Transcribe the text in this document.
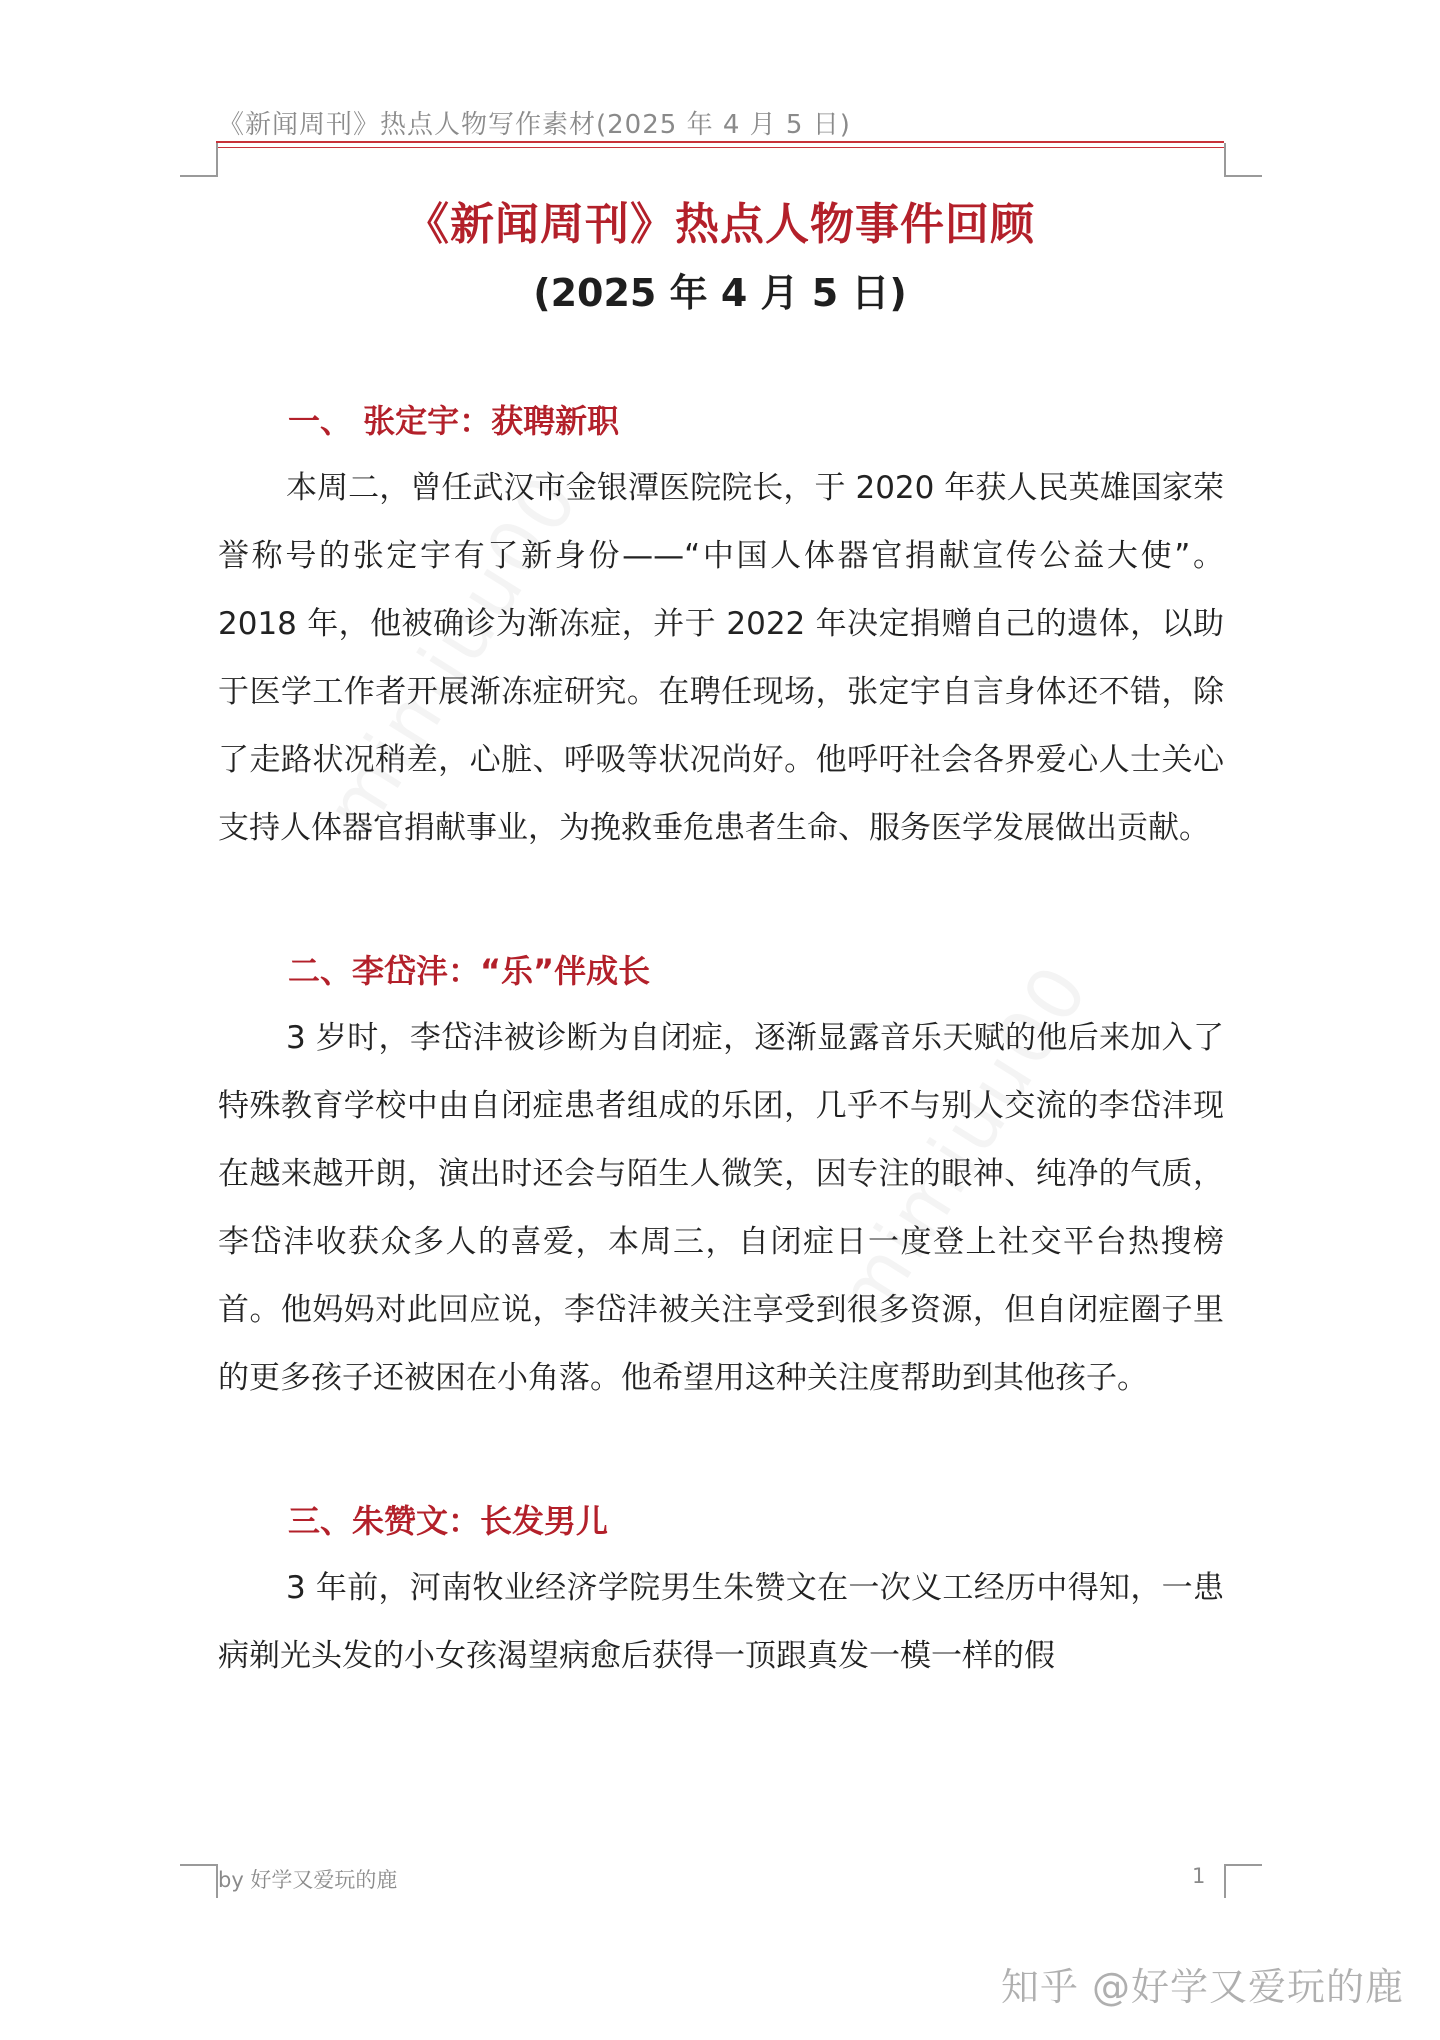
《新闻周刊》热点人物写作素材(2025 年 4 月 5 日)
《新闻周刊》热点人物事件回顾
(2025 年 4 月 5 日)
一、 张定宇：获聘新职

本周二，曾任武汉市金银潭医院院长，于 2020 年获人民英雄国家荣誉称号的张定宇有了新身份——“中国人体器官捐献宣传公益大使”。2018 年，他被确诊为渐冻症，并于 2022 年决定捐赠自己的遗体，以助于医学工作者开展渐冻症研究。在聘任现场，张定宇自言身体还不错，除了走路状况稍差，心脏、呼吸等状况尚好。他呼吁社会各界爱心人士关心支持人体器官捐献事业，为挽救垂危患者生命、服务医学发展做出贡献。

二、李岱沣：“乐”伴成长

3 岁时，李岱沣被诊断为自闭症，逐渐显露音乐天赋的他后来加入了特殊教育学校中由自闭症患者组成的乐团，几乎不与别人交流的李岱沣现在越来越开朗，演出时还会与陌生人微笑，因专注的眼神、纯净的气质，李岱沣收获众多人的喜爱，本周三，自闭症日一度登上社交平台热搜榜首。他妈妈对此回应说，李岱沣被关注享受到很多资源，但自闭症圈子里的更多孩子还被困在小角落。他希望用这种关注度帮助到其他孩子。

三、朱赞文：长发男儿

3 年前，河南牧业经济学院男生朱赞文在一次义工经历中得知，一患病剃光头发的小女孩渴望病愈后获得一顶跟真发一模一样的假

by 好学又爱玩的鹿	1
知乎 @好学又爱玩的鹿
